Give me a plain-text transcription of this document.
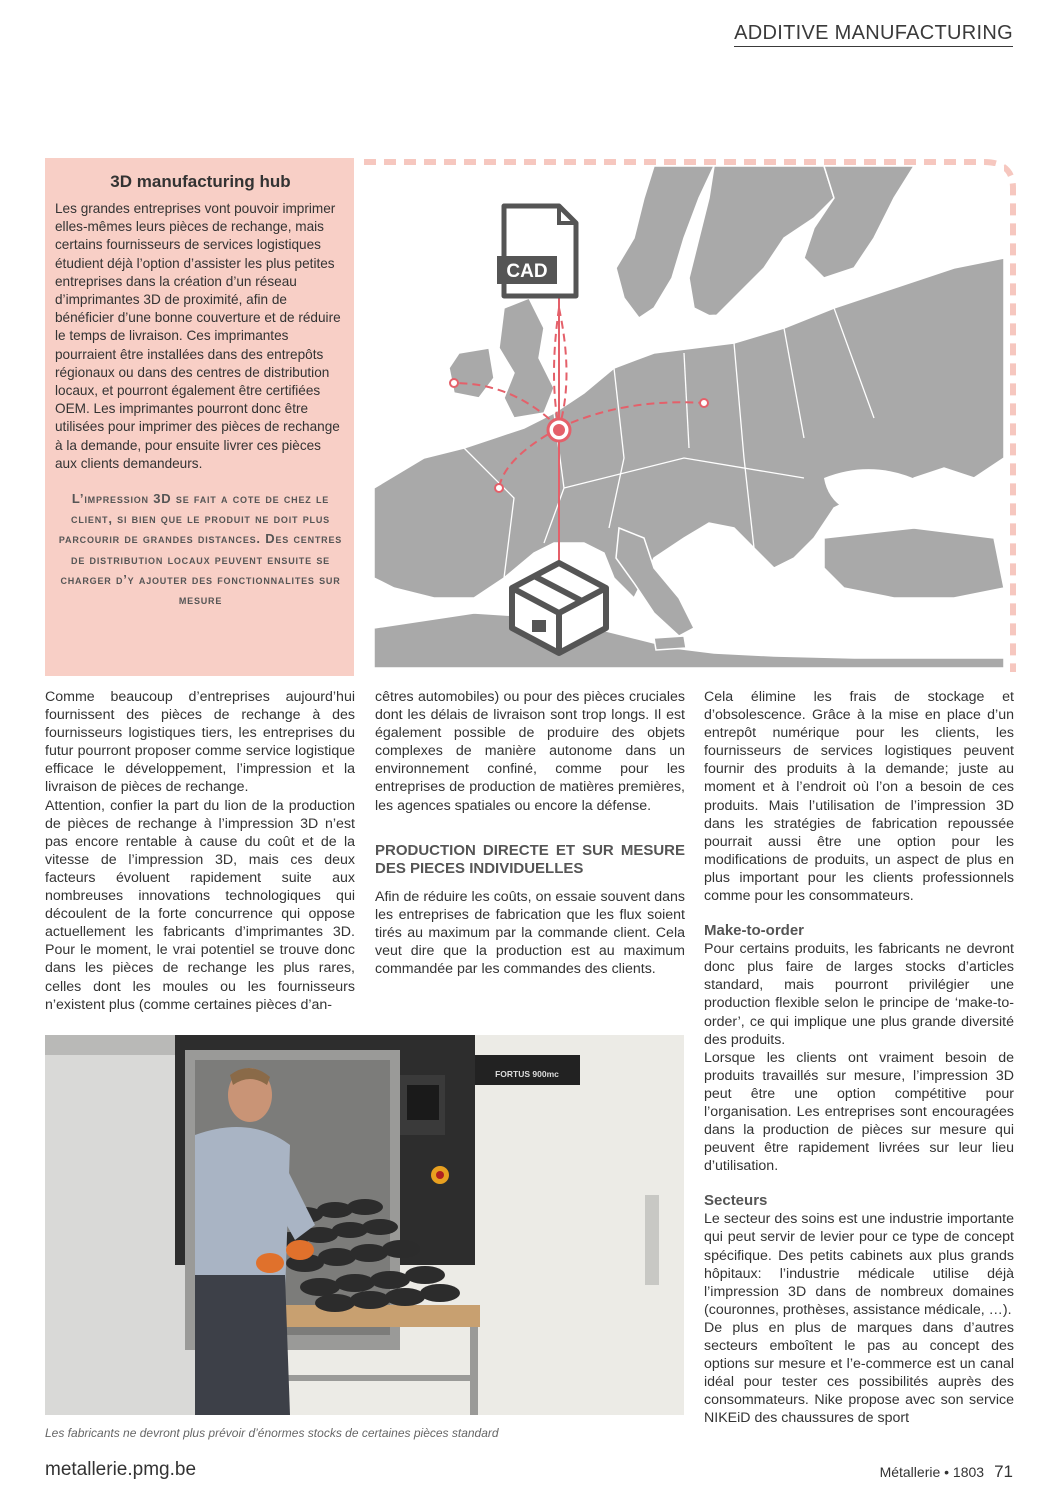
ADDITIVE MANUFACTURING
3D manufacturing hub

Les grandes entreprises vont pouvoir imprimer elles-mêmes leurs pièces de rechange, mais certains fournisseurs de services logistiques étudient déjà l’option d’assister les plus petites entreprises dans la création d’un réseau d’imprimantes 3D de proximité, afin de bénéficier d’une bonne couverture et de réduire le temps de livraison. Ces imprimantes pourraient être installées dans des entrepôts régionaux ou dans des centres de distribution locaux, et pourront également être certifiées OEM. Les imprimantes pourront donc être utilisées pour imprimer des pièces de rechange à la demande, pour ensuite livrer ces pièces aux clients demandeurs.

L’impression 3D se fait a cote de chez le client, si bien que le produit ne doit plus parcourir de grandes distances. Des centres de distribution locaux peuvent ensuite se charger d’y ajouter des fonctionnalites sur mesure
CAD

Comme beaucoup d’entreprises aujourd’hui fournissent des pièces de rechange à des fournisseurs logistiques tiers, les entreprises du futur pourront proposer comme service logistique efficace le développement, l’impression et la livraison de pièces de rechange.

Attention, confier la part du lion de la production de pièces de rechange à l’impression 3D n’est pas encore rentable à cause du coût et de la vitesse de l’impression 3D, mais ces deux facteurs évoluent rapidement suite aux nombreuses innovations technologiques qui découlent de la forte concurrence qui oppose actuellement les fabricants d’imprimantes 3D. Pour le moment, le vrai potentiel se trouve donc dans les pièces de rechange les plus rares, celles dont les moules ou les fournisseurs n’existent plus (comme certaines pièces d’an-

cêtres automobiles) ou pour des pièces cruciales dont les délais de livraison sont trop longs. Il est également possible de produire des objets complexes de manière autonome dans un environnement confiné, comme pour les entreprises de production de matières premières, les agences spatiales ou encore la défense.

PRODUCTION DIRECTE ET SUR MESURE DES PIECES INDIVIDUELLES

Afin de réduire les coûts, on essaie souvent dans les entreprises de fabrication que les flux soient tirés au maximum par la commande client. Cela veut dire que la production est au maximum commandée par les commandes des clients.

Cela élimine les frais de stockage et d’obsolescence. Grâce à la mise en place d’un entrepôt numérique pour les clients, les fournisseurs de services logistiques peuvent fournir des produits à la demande; juste au moment et à l’endroit où l’on a besoin de ces produits. Mais l’utilisation de l’impression 3D dans les stratégies de fabrication repoussée pourrait aussi être une option pour les modifications de produits, un aspect de plus en plus important pour les clients professionnels comme pour les consommateurs.

Make-to-order

Pour certains produits, les fabricants ne devront donc plus faire de larges stocks d’articles standard, mais pourront privilégier une production flexible selon le principe de ‘make-to-order’, ce qui implique une plus grande diversité des produits.

Lorsque les clients ont vraiment besoin de produits travaillés sur mesure, l’impression 3D peut être une option compétitive pour l’organisation. Les entreprises sont encouragées dans la production de pièces sur mesure qui peuvent être rapidement livrées sur leur lieu d’utilisation.

Secteurs

Le secteur des soins est une industrie importante qui peut servir de levier pour ce type de concept spécifique. Des petits cabinets aux plus grands hôpitaux: l’industrie médicale utilise déjà l’impression 3D dans de nombreux domaines (couronnes, prothèses, assistance médicale, …).

De plus en plus de marques dans d’autres secteurs emboîtent le pas au concept des options sur mesure et l’e-commerce est un canal idéal pour tester ces possibilités auprès des consommateurs. Nike propose avec son service NIKEiD des chaussures de sport

FORTUS 900mc
Les fabricants ne devront plus prévoir d’énormes stocks de certaines pièces standard
metallerie.pmg.be	Métallerie • 1803 71
